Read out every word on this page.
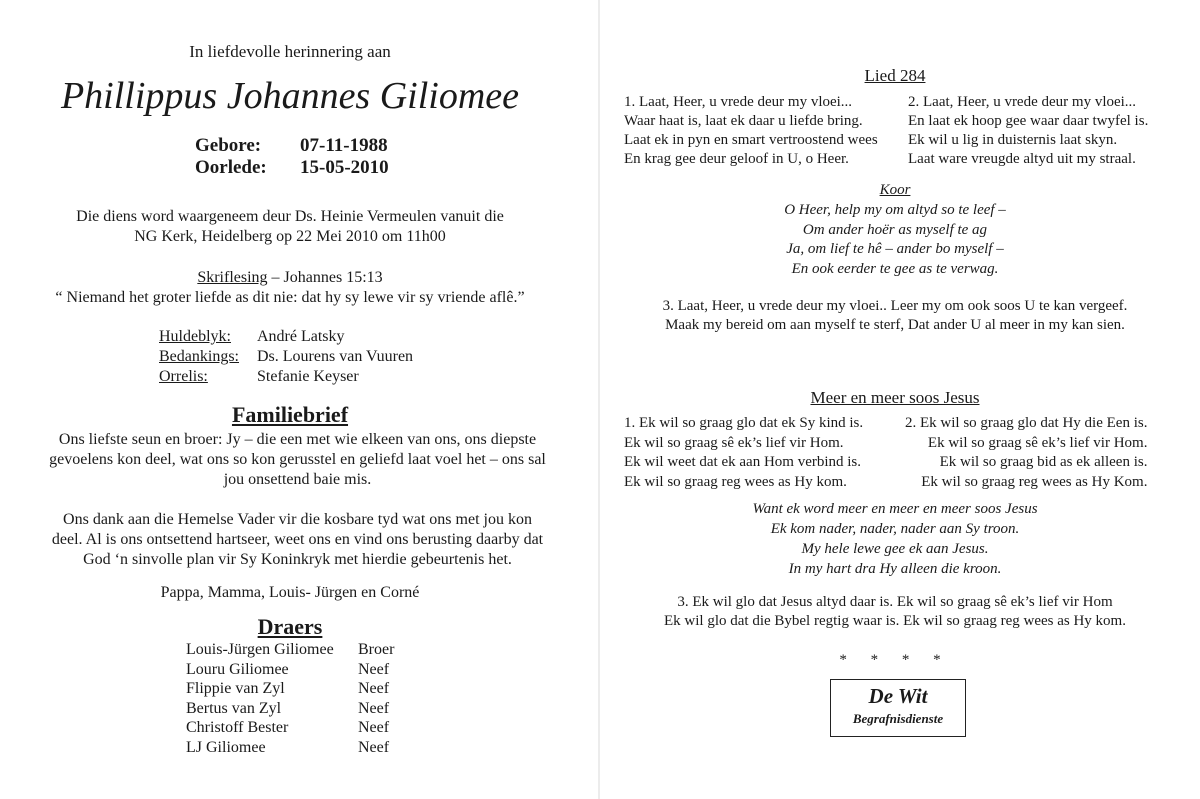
In liefdevolle herinnering aan
Phillippus Johannes Giliomee
Gebore: 07-11-1988
Oorlede: 15-05-2010
Die diens word waargeneem deur Ds. Heinie Vermeulen vanuit die
NG Kerk, Heidelberg op 22 Mei 2010 om 11h00
Skriflesing – Johannes 15:13
“ Niemand het groter liefde as dit nie: dat hy sy lewe vir sy vriende aflê.”
Huldeblyk: André Latsky
Bedankings: Ds. Lourens van Vuuren
Orrelis:	Stefanie Keyser
Familiebrief

Ons liefste seun en broer: Jy – die een met wie elkeen van ons, ons diepste
gevoelens kon deel, wat ons so kon gerusstel en geliefd laat voel het – ons sal
jou onsettend baie mis.

Ons dank aan die Hemelse Vader vir die kosbare tyd wat ons met jou kon
deel. Al is ons ontsettend hartseer, weet ons en vind ons berusting daarby dat
God ‘n sinvolle plan vir Sy Koninkryk met hierdie gebeurtenis het.

Pappa, Mamma, Louis- Jürgen en Corné
Draers
Louis-Jürgen Giliomee Broer
Louru Giliomee	Neef
Flippie van Zyl	Neef
Bertus van Zyl	Neef
Christoff Bester	Neef
LJ Giliomee	Neef
Lied 284
1. Laat, Heer, u vrede deur my vloei...
Waar haat is, laat ek daar u liefde bring.
Laat ek in pyn en smart vertroostend wees
En krag gee deur geloof in U, o Heer.
2. Laat, Heer, u vrede deur my vloei...
En laat ek hoop gee waar daar twyfel is.
Ek wil u lig in duisternis laat skyn.
Laat ware vreugde altyd uit my straal.
Koor
O Heer, help my om altyd so te leef –
Om ander hoër as myself te ag
Ja, om lief te hê – ander bo myself –
En ook eerder te gee as te verwag.
3. Laat, Heer, u vrede deur my vloei.. Leer my om ook soos U te kan vergeef.
Maak my bereid om aan myself te sterf, Dat ander U al meer in my kan sien.
Meer en meer soos Jesus
1. Ek wil so graag glo dat ek Sy kind is.
Ek wil so graag sê ek’s lief vir Hom.
Ek wil weet dat ek aan Hom verbind is.
Ek wil so graag reg wees as Hy kom.
2. Ek wil so graag glo dat Hy die Een is.
Ek wil so graag sê ek’s lief vir Hom.
Ek wil so graag bid as ek alleen is.
Ek wil so graag reg wees as Hy Kom.
Want ek word meer en meer en meer soos Jesus
Ek kom nader, nader, nader aan Sy troon.
My hele lewe gee ek aan Jesus.
In my hart dra Hy alleen die kroon.
3. Ek wil glo dat Jesus altyd daar is. Ek wil so graag sê ek’s lief vir Hom
Ek wil glo dat die Bybel regtig waar is. Ek wil so graag reg wees as Hy kom.
* * * *
De Wit
Begrafnisdienste
